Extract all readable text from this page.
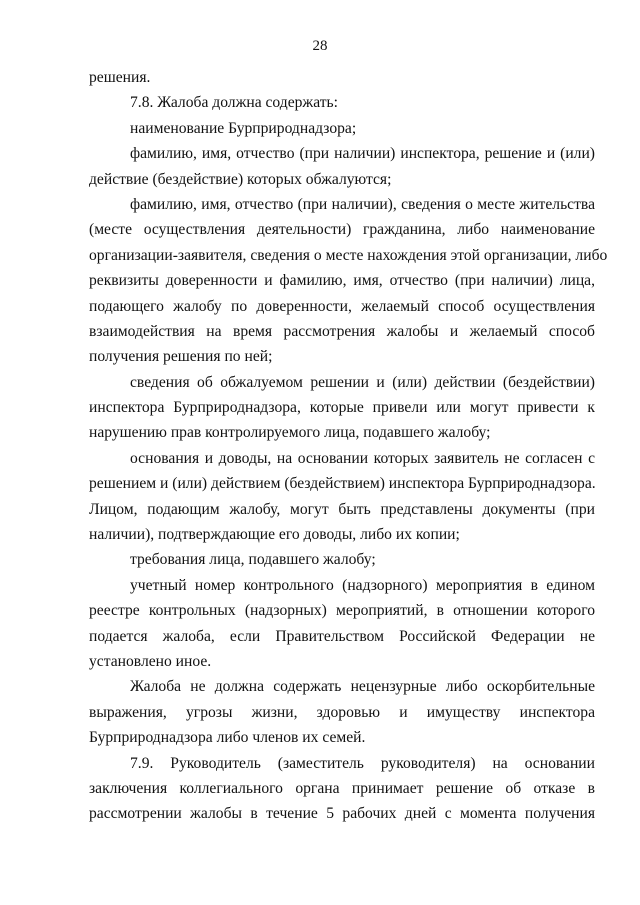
28
решения.
7.8. Жалоба должна содержать:
наименование Бурприроднадзора;
фамилию, имя, отчество (при наличии) инспектора, решение и (или)
действие (бездействие) которых обжалуются;
фамилию, имя, отчество (при наличии), сведения о месте жительства
(месте осуществления деятельности) гражданина, либо наименование
организации-заявителя, сведения о месте нахождения этой организации, либо
реквизиты доверенности и фамилию, имя, отчество (при наличии) лица,
подающего жалобу по доверенности, желаемый способ осуществления
взаимодействия на время рассмотрения жалобы и желаемый способ
получения решения по ней;
сведения об обжалуемом решении и (или) действии (бездействии)
инспектора Бурприроднадзора, которые привели или могут привести к
нарушению прав контролируемого лица, подавшего жалобу;
основания и доводы, на основании которых заявитель не согласен с
решением и (или) действием (бездействием) инспектора Бурприроднадзора.
Лицом, подающим жалобу, могут быть представлены документы (при
наличии), подтверждающие его доводы, либо их копии;
требования лица, подавшего жалобу;
учетный номер контрольного (надзорного) мероприятия в едином
реестре контрольных (надзорных) мероприятий, в отношении которого
подается жалоба, если Правительством Российской Федерации не
установлено иное.
Жалоба не должна содержать нецензурные либо оскорбительные
выражения, угрозы жизни, здоровью и имуществу инспектора
Бурприроднадзора либо членов их семей.
7.9. Руководитель (заместитель руководителя) на основании
заключения коллегиального органа принимает решение об отказе в
рассмотрении жалобы в течение 5 рабочих дней с момента получения
